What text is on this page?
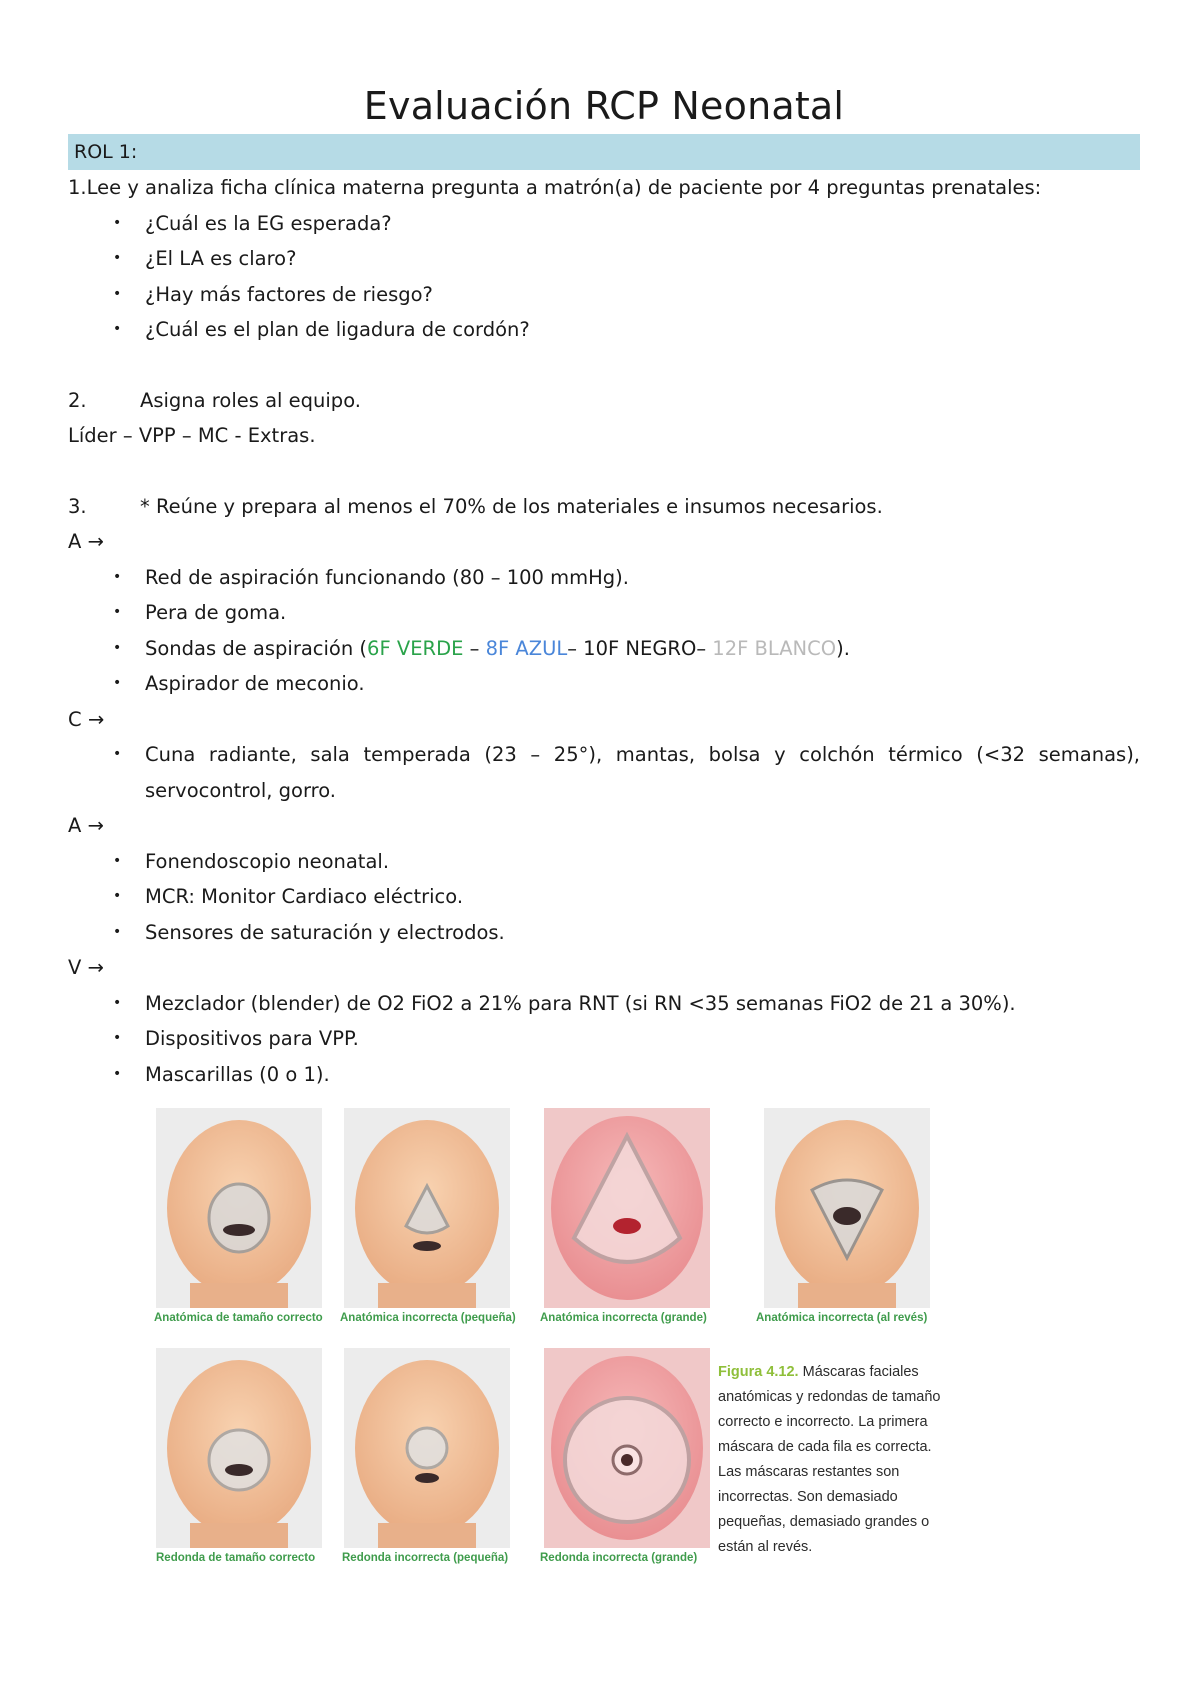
Evaluación RCP Neonatal
ROL 1:
1.Lee y analiza ficha clínica materna pregunta a matrón(a) de paciente por 4 preguntas prenatales:
• ¿Cuál es la EG esperada?
• ¿El LA es claro?
• ¿Hay más factores de riesgo?
• ¿Cuál es el plan de ligadura de cordón?
2.	Asigna roles al equipo.
Líder – VPP – MC - Extras.
3.	* Reúne y prepara al menos el 70% de los materiales e insumos necesarios.
A →
• Red de aspiración funcionando (80 – 100 mmHg).
• Pera de goma.
• Sondas de aspiración (6F VERDE – 8F AZUL– 10F NEGRO– 12F BLANCO).
• Aspirador de meconio.
C →
• Cuna radiante, sala temperada (23 – 25°), mantas, bolsa y colchón térmico (<32 semanas), servocontrol, gorro.
A →
• Fonendoscopio neonatal.
• MCR: Monitor Cardiaco eléctrico.
• Sensores de saturación y electrodos.
V →
• Mezclador (blender) de O2 FiO2 a 21% para RNT (si RN <35 semanas FiO2 de 21 a 30%).
• Dispositivos para VPP.
• Mascarillas (0 o 1).
Anatómica de tamaño correcto Anatómica incorrecta (pequeña) Anatómica incorrecta (grande)	Anatómica incorrecta (al revés)
Redonda de tamaño correcto Redonda incorrecta (pequeña)	Redonda incorrecta (grande)
Figura 4.12. Máscaras faciales anatómicas y redondas de tamaño correcto e incorrecto. La primera máscara de cada fila es correcta. Las máscaras restantes son incorrectas. Son demasiado pequeñas, demasiado grandes o están al revés.
